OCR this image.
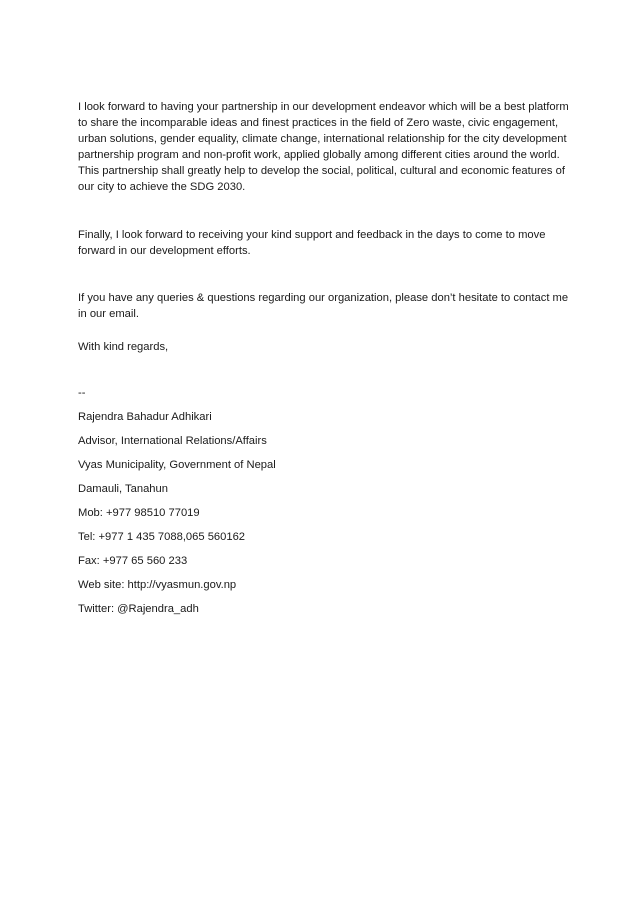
I look forward to having your partnership in our development endeavor which will be a best platform to share the incomparable ideas and finest practices in the field of Zero waste, civic engagement, urban solutions, gender equality, climate change, international relationship for the city development partnership program and non-profit work, applied globally among different cities around the world. This partnership shall greatly help to develop the social, political, cultural and economic features of our city to achieve the SDG 2030.

Finally, I look forward to receiving your kind support and feedback in the days to come to move forward in our development efforts.

If you have any queries & questions regarding our organization, please don’t hesitate to contact me in our email.

With kind regards,

--
Rajendra Bahadur Adhikari
Advisor, International Relations/Affairs
Vyas Municipality, Government of Nepal
Damauli, Tanahun
Mob: +977 98510 77019
Tel: +977 1 435 7088,065 560162
Fax: +977 65 560 233
Web site: http://vyasmun.gov.np
Twitter: @Rajendra_adh
